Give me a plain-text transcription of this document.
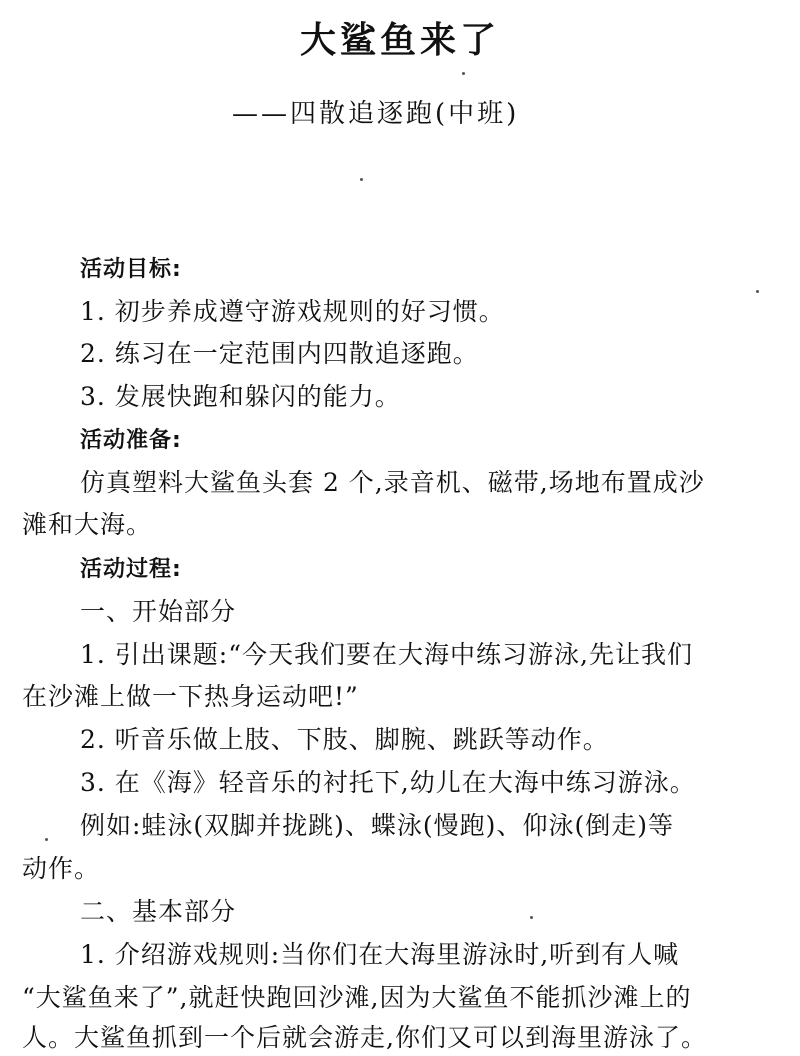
大鲨鱼来了

——四散追逐跑(中班)

活动目标:

1. 初步养成遵守游戏规则的好习惯。

2. 练习在一定范围内四散追逐跑。

3. 发展快跑和躲闪的能力。

活动准备:

仿真塑料大鲨鱼头套 2 个,录音机、磁带,场地布置成沙

滩和大海。

活动过程:

一、开始部分

1. 引出课题:“今天我们要在大海中练习游泳,先让我们

在沙滩上做一下热身运动吧!”

2. 听音乐做上肢、下肢、脚腕、跳跃等动作。

3. 在《海》轻音乐的衬托下,幼儿在大海中练习游泳。

例如:蛙泳(双脚并拢跳)、蝶泳(慢跑)、仰泳(倒走)等

动作。

二、基本部分

1. 介绍游戏规则:当你们在大海里游泳时,听到有人喊

“大鲨鱼来了”,就赶快跑回沙滩,因为大鲨鱼不能抓沙滩上的

人。大鲨鱼抓到一个后就会游走,你们又可以到海里游泳了。
